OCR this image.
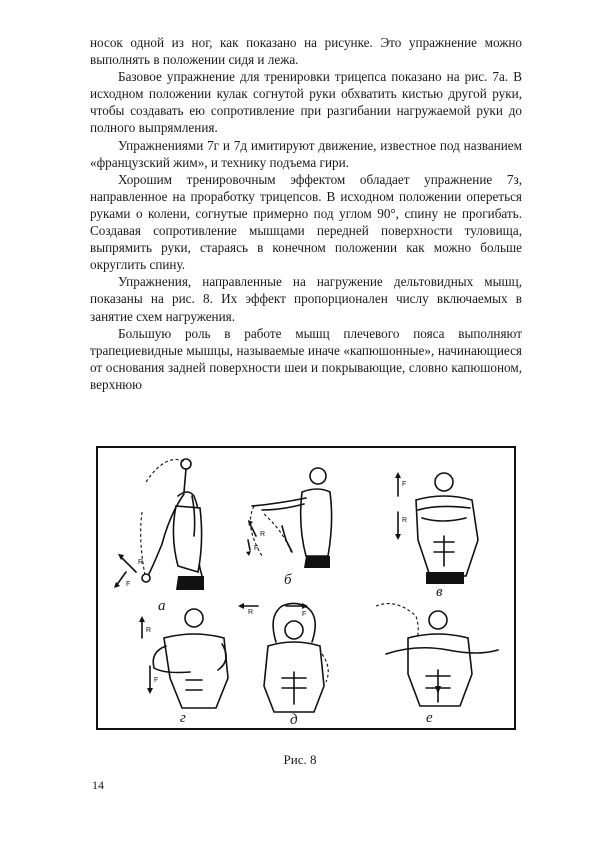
носок одной из ног, как показано на рисунке. Это упражнение можно выполнять в положении сидя и лежа.

Базовое упражнение для тренировки трицепса показано на рис. 7а. В исходном положении кулак согнутой руки обхватить кистью другой руки, чтобы создавать ею сопротивление при разгибании нагружаемой руки до полного выпрямления.

Упражнениями 7г и 7д имитируют движение, известное под названием «французский жим», и технику подъема гири.

Хорошим тренировочным эффектом обладает упражнение 7з, направленное на проработку трицепсов. В исходном положении опереться руками о колени, согнутые примерно под углом 90°, спину не прогибать. Создавая сопротивление мышцами передней поверхности туловища, выпрямить руки, стараясь в конечном положении как можно больше округлить спину.

Упражнения, направленные на нагружение дельтовидных мышц, показаны на рис. 8. Их эффект пропорционален числу включаемых в занятие схем нагружения.

Большую роль в работе мышц плечевого пояса выполняют трапециевидные мышцы, называемые иначе «капюшонные», начинающиеся от основания задней поверхности шеи и покрывающие, словно капюшоном, верхнюю

R
F
а
R
F
б
F
R
в
R
F
г
R	F
д	е
Рис. 8
14
